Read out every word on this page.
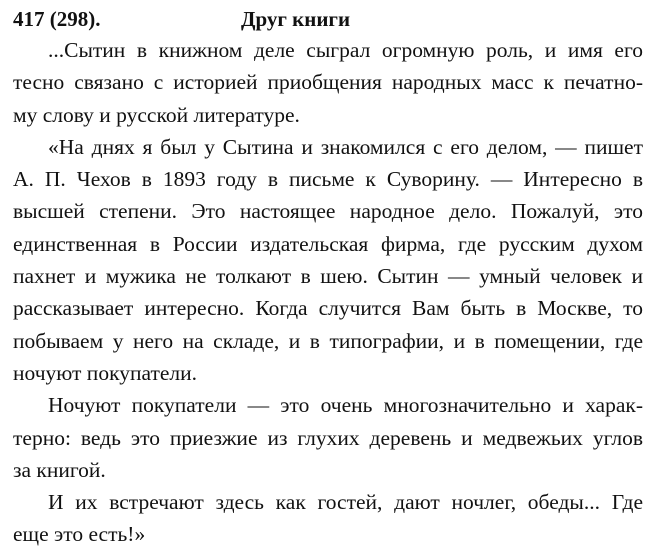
417 (298).	Друг книги
...Сытин в книжном деле сыграл огромную роль, и имя его
тесно связано с историей приобщения народных масс к печатно-
му слову и русской литературе.
«На днях я был у Сытина и знакомился с его делом, — пишет
А. П. Чехов в 1893 году в письме к Суворину. — Интересно в
высшей степени. Это настоящее народное дело. Пожалуй, это
единственная в России издательская фирма, где русским духом
пахнет и мужика не толкают в шею. Сытин — умный человек и
рассказывает интересно. Когда случится Вам быть в Москве, то
побываем у него на складе, и в типографии, и в помещении, где
ночуют покупатели.
Ночуют покупатели — это очень многозначительно и харак-
терно: ведь это приезжие из глухих деревень и медвежьих углов
за книгой.
И их встречают здесь как гостей, дают ночлег, обеды... Где
еще это есть!»
